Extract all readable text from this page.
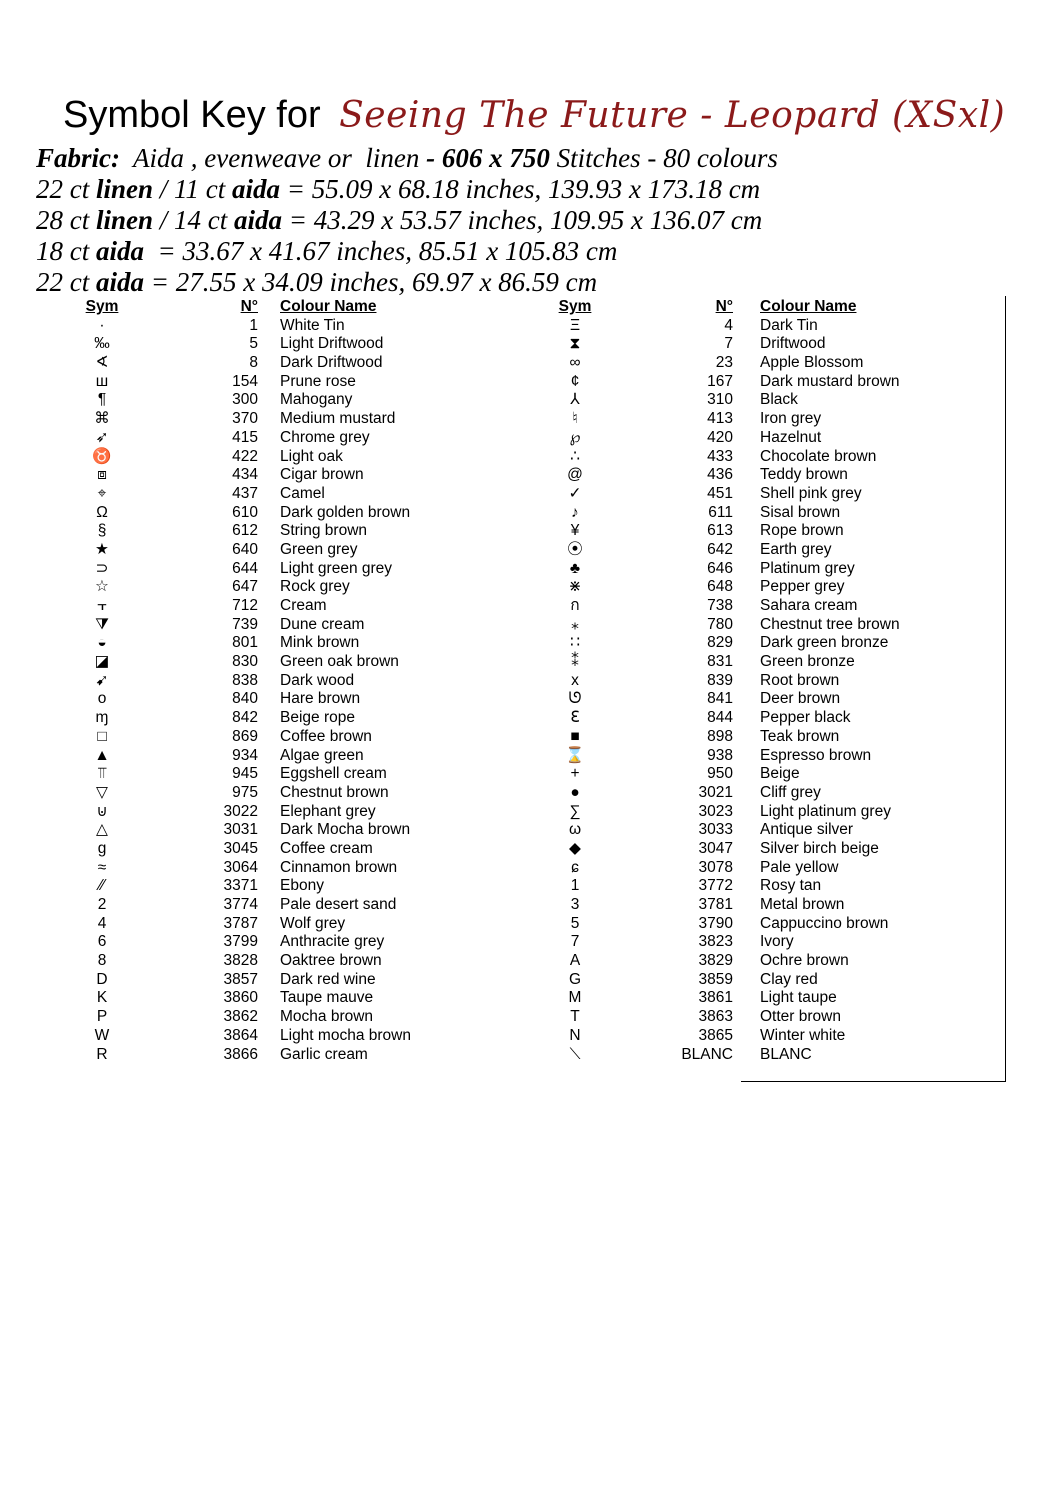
Symbol Key for Seeing The Future - Leopard (XSxl)
Fabric:  Aida , evenweave or  linen - 606 x 750 Stitches - 80 colours
22 ct linen / 11 ct aida = 55.09 x 68.18 inches, 139.93 x 173.18 cm
28 ct linen / 14 ct aida = 43.29 x 53.57 inches, 109.95 x 136.07 cm
18 ct aida  = 33.67 x 41.67 inches, 85.51 x 105.83 cm
22 ct aida = 27.55 x 34.09 inches, 69.97 x 86.59 cm
Sym	N° Colour Name
·	1 White Tin
‰	5 Light Driftwood
∢	8 Dark Driftwood
ш	154 Prune rose
¶	300 Mahogany
⌘	370 Medium mustard
➶	415 Chrome grey
♉	422 Light oak
⧈	434 Cigar brown
⌖	437 Camel
Ω	610 Dark golden brown
§	612 String brown
★	640 Green grey
⊃	644 Light green grey
☆	647 Rock grey
⫟	712 Cream
⧩	739 Dune cream
◒	801 Mink brown
◪	830 Green oak brown
➹	838 Dark wood
o	840 Hare brown
ɱ	842 Beige rope
□	869 Coffee brown
▲	934 Algae green
⫪	945 Eggshell cream
▽	975 Chestnut brown
⊍	3022 Elephant grey
△	3031 Dark Mocha brown
g	3045 Coffee cream
≈	3064 Cinnamon brown
⁄⁄	3371 Ebony
2	3774 Pale desert sand
4	3787 Wolf grey
6	3799 Anthracite grey
8	3828 Oaktree brown
D	3857 Dark red wine
K	3860 Taupe mauve
P	3862 Mocha brown
W	3864 Light mocha brown
R	3866 Garlic cream
Sym	N° Colour Name
Ξ	4 Dark Tin
⧗	7 Driftwood
∞	23 Apple Blossom
¢	167 Dark mustard brown
⅄	310 Black
♮	413 Iron grey
℘	420 Hazelnut
∴	433 Chocolate brown
@	436 Teddy brown
✓	451 Shell pink grey
♪	611 Sisal brown
¥	613 Rope brown
⦿	642 Earth grey
♣	646 Platinum grey
⋇	648 Pepper grey
ก	738 Sahara cream
⁎	780 Chestnut tree brown
∷	829 Dark green bronze
⁑	831 Green bronze
x	839 Root brown
ᘎ	841 Deer brown
ℇ	844 Pepper black
■	898 Teak brown
⌛	938 Espresso brown
+	950 Beige
●	3021 Cliff grey
∑	3023 Light platinum grey
ω	3033 Antique silver
◆	3047 Silver birch beige
ɕ	3078 Pale yellow
1	3772 Rosy tan
3	3781 Metal brown
5	3790 Cappuccino brown
7	3823 Ivory
A	3829 Ochre brown
G	3859 Clay red
M	3861 Light taupe
T	3863 Otter brown
N	3865 Winter white
⟍	BLANC BLANC
